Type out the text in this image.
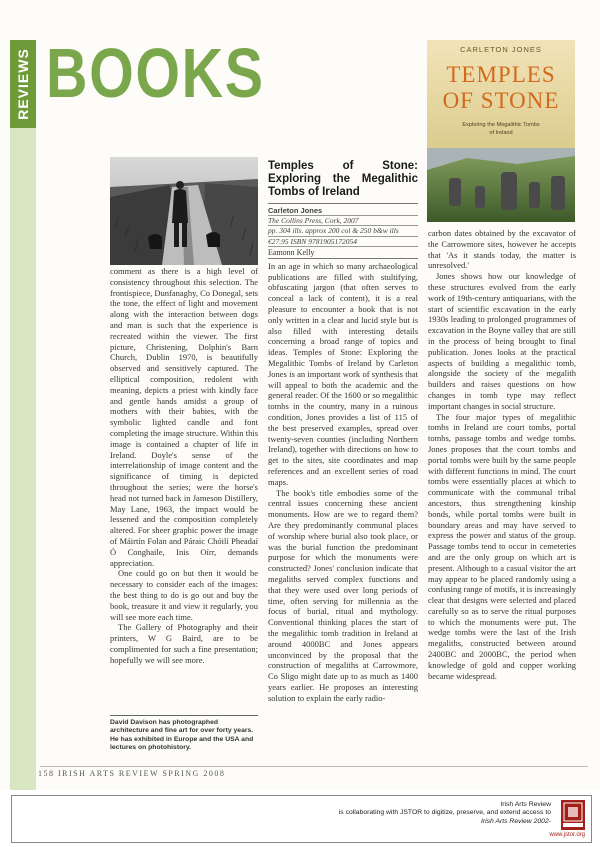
REVIEWS BOOKS	CARLETON JONES
TEMPLES
OF STONE
Exploring the Megalithic Tombs
of Ireland

comment as there is a high level of consistency throughout this selection. The frontispiece, Dunfanaghy, Co Donegal, sets the tone, the effect of light and movement along with the interaction between dogs and man is such that the experience is recreated within the viewer. The first picture, Christening, Dolphin's Barn Church, Dublin 1970, is beautifully observed and sensitively captured. The elliptical composition, redolent with meaning, depicts a priest with kindly face and gentle hands amidst a group of mothers with their babies, with the symbolic lighted candle and font completing the image structure. Within this image is contained a chapter of life in Ireland. Doyle's sense of the interrelationship of image content and the significance of timing is depicted throughout the series; were the horse's head not turned back in Jameson Distillery, May Lane, 1963, the impact would be lessened and the composition completely altered. For sheer graphic power the image of Máirtín Folan and Páraic Chóilí Pheadaí Ó Conghaile, Inis Oírr, demands appreciation.

One could go on but then it would be necessary to consider each of the images: the best thing to do is go out and buy the book, treasure it and view it regularly, you will see more each time.

The Gallery of Photography and their printers, W G Baird, are to be complimented for such a fine presentation; hopefully we will see more.

David Davison has photographed architecture and fine art for over forty years. He has exhibited in Europe and the USA and lectures on photohistory.
Temples of Stone: Exploring the Megalithic Tombs of Ireland
Carleton Jones
The Collins Press, Cork, 2007
pp. 304 ills. approx 200 col & 250 b&w ills
€27.95 ISBN 9781905172054
Eamonn Kelly

In an age in which so many archaeological publications are filled with stultifying, obfuscating jargon (that often serves to conceal a lack of content), it is a real pleasure to encounter a book that is not only written in a clear and lucid style but is also filled with interesting details concerning a broad range of topics and ideas. Temples of Stone: Exploring the Megalithic Tombs of Ireland by Carleton Jones is an important work of synthesis that will appeal to both the academic and the general reader. Of the 1600 or so megalithic tombs in the country, many in a ruinous condition, Jones provides a list of 115 of the best preserved examples, spread over twenty-seven counties (including Northern Ireland), together with directions on how to get to the sites, site coordinates and map references and an excellent series of road maps.

The book's title embodies some of the central issues concerning these ancient monuments. How are we to regard them? Are they predominantly communal places of worship where burial also took place, or was the burial function the predominant purpose for which the monuments were constructed? Jones' conclusion indicate that megaliths served complex functions and that they were used over long periods of time, often serving for millennia as the focus of burial, ritual and mythology. Conventional thinking places the start of the megalithic tomb tradition in Ireland at around 4000BC and Jones appears unconvinced by the proposal that the construction of megaliths at Carrowmore, Co Sligo might date up to as much as 1400 years earlier. He proposes an interesting solution to explain the early radio-

carbon dates obtained by the excavator of the Carrowmore sites, however he accepts that 'As it stands today, the matter is unresolved.'

Jones shows how our knowledge of these structures evolved from the early work of 19th-century antiquarians, with the start of scientific excavation in the early 1930s leading to prolonged programmes of excavation in the Boyne valley that are still in the process of being brought to final publication. Jones looks at the practical aspects of building a megalithic tomb, alongside the society of the megalith builders and raises questions on how changes in tomb type may reflect important changes in social structure.

The four major types of megalithic tombs in Ireland are court tombs, portal tombs, passage tombs and wedge tombs. Jones proposes that the court tombs and portal tombs were built by the same people with different functions in mind. The court tombs were essentially places at which to communicate with the communal tribal ancestors, thus strengthening kinship bonds, while portal tombs were built in boundary areas and may have served to express the power and status of the group. Passage tombs tend to occur in cemeteries and are the only group on which art is present. Although to a casual visitor the art may appear to be placed randomly using a confusing range of motifs, it is increasingly clear that designs were selected and placed carefully so as to serve the ritual purposes to which the monuments were put. The wedge tombs were the last of the Irish megaliths, constructed between around 2400BC and 2000BC, the period when knowledge of gold and copper working became widespread.

158 IRISH ARTS REVIEW SPRING 2008
Irish Arts Review
is collaborating with JSTOR to digitize, preserve, and extend access to
Irish Arts Review 2002-
www.jstor.org
